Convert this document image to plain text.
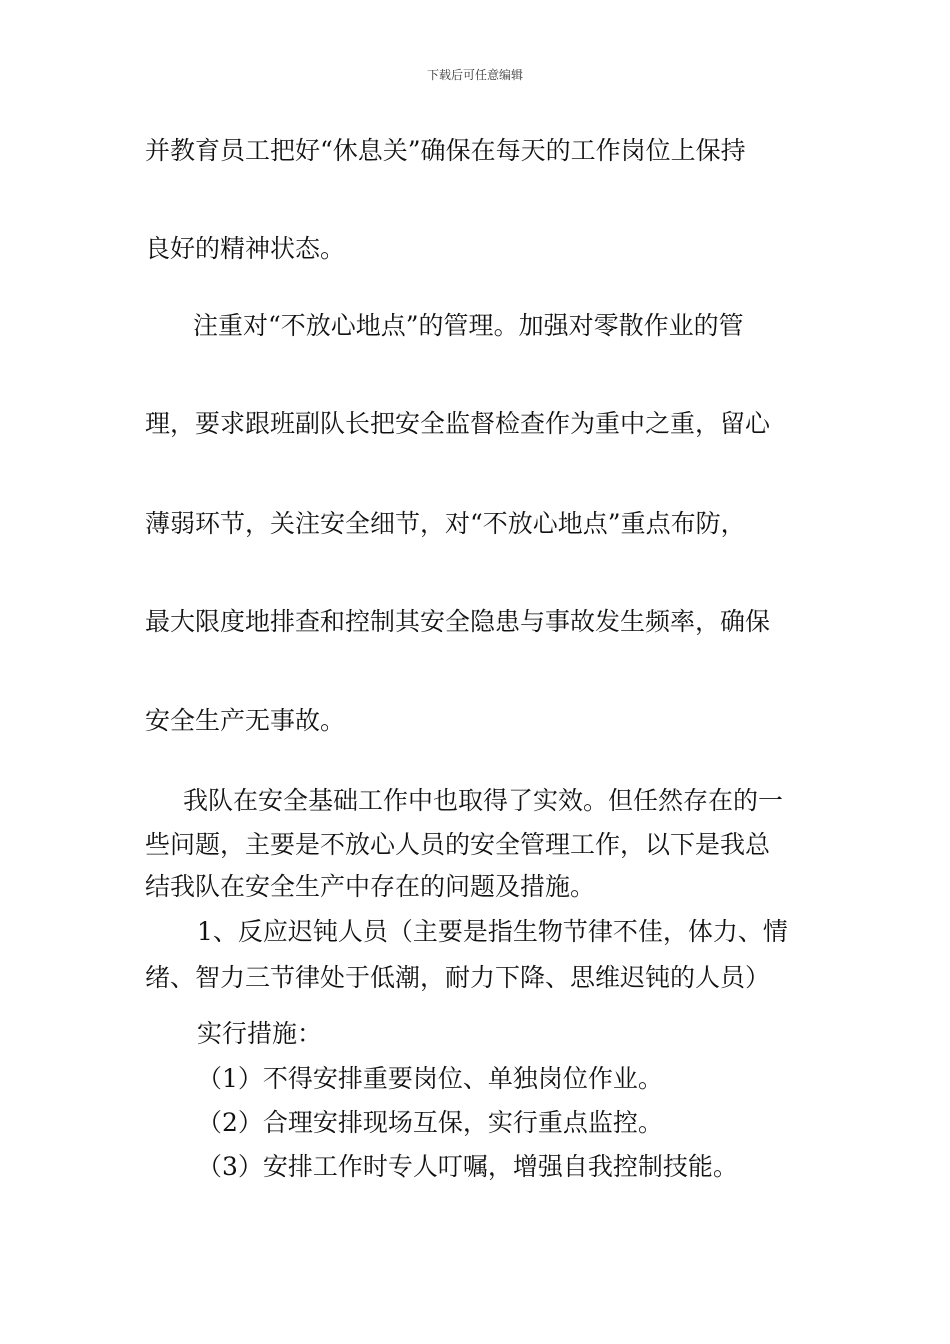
下载后可任意编辑
并教育员工把好“休息关”确保在每天的工作岗位上保持
良好的精神状态。
注重对“不放心地点”的管理。加强对零散作业的管
理，要求跟班副队长把安全监督检查作为重中之重，留心
薄弱环节，关注安全细节，对“不放心地点”重点布防，
最大限度地排查和控制其安全隐患与事故发生频率，确保
安全生产无事故。
我队在安全基础工作中也取得了实效。但任然存在的一
些问题，主要是不放心人员的安全管理工作，以下是我总
结我队在安全生产中存在的问题及措施。
1、反应迟钝人员（主要是指生物节律不佳，体力、情
绪、智力三节律处于低潮，耐力下降、思维迟钝的人员）
实行措施：
（1）不得安排重要岗位、单独岗位作业。
（2）合理安排现场互保，实行重点监控。
（3）安排工作时专人叮嘱，增强自我控制技能。
